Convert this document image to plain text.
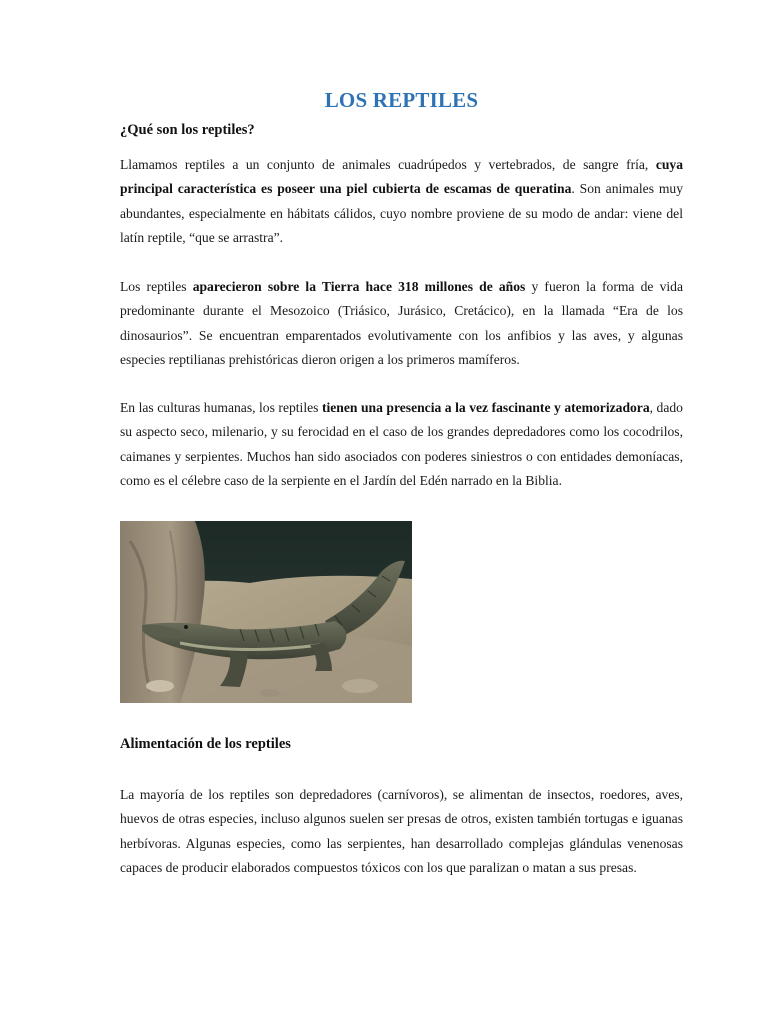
LOS REPTILES
¿Qué son los reptiles?

Llamamos reptiles a un conjunto de animales cuadrúpedos y vertebrados, de sangre fría, cuya principal característica es poseer una piel cubierta de escamas de queratina. Son animales muy abundantes, especialmente en hábitats cálidos, cuyo nombre proviene de su modo de andar: viene del latín reptile, “que se arrastra”.

Los reptiles aparecieron sobre la Tierra hace 318 millones de años y fueron la forma de vida predominante durante el Mesozoico (Triásico, Jurásico, Cretácico), en la llamada “Era de los dinosaurios”. Se encuentran emparentados evolutivamente con los anfibios y las aves, y algunas especies reptilianas prehistóricas dieron origen a los primeros mamíferos.

En las culturas humanas, los reptiles tienen una presencia a la vez fascinante y atemorizadora, dado su aspecto seco, milenario, y su ferocidad en el caso de los grandes depredadores como los cocodrilos, caimanes y serpientes. Muchos han sido asociados con poderes siniestros o con entidades demoníacas, como es el célebre caso de la serpiente en el Jardín del Edén narrado en la Biblia.

Alimentación de los reptiles

La mayoría de los reptiles son depredadores (carnívoros), se alimentan de insectos, roedores, aves, huevos de otras especies, incluso algunos suelen ser presas de otros, existen también tortugas e iguanas herbívoras. Algunas especies, como las serpientes, han desarrollado complejas glándulas venenosas capaces de producir elaborados compuestos tóxicos con los que paralizan o matan a sus presas.
